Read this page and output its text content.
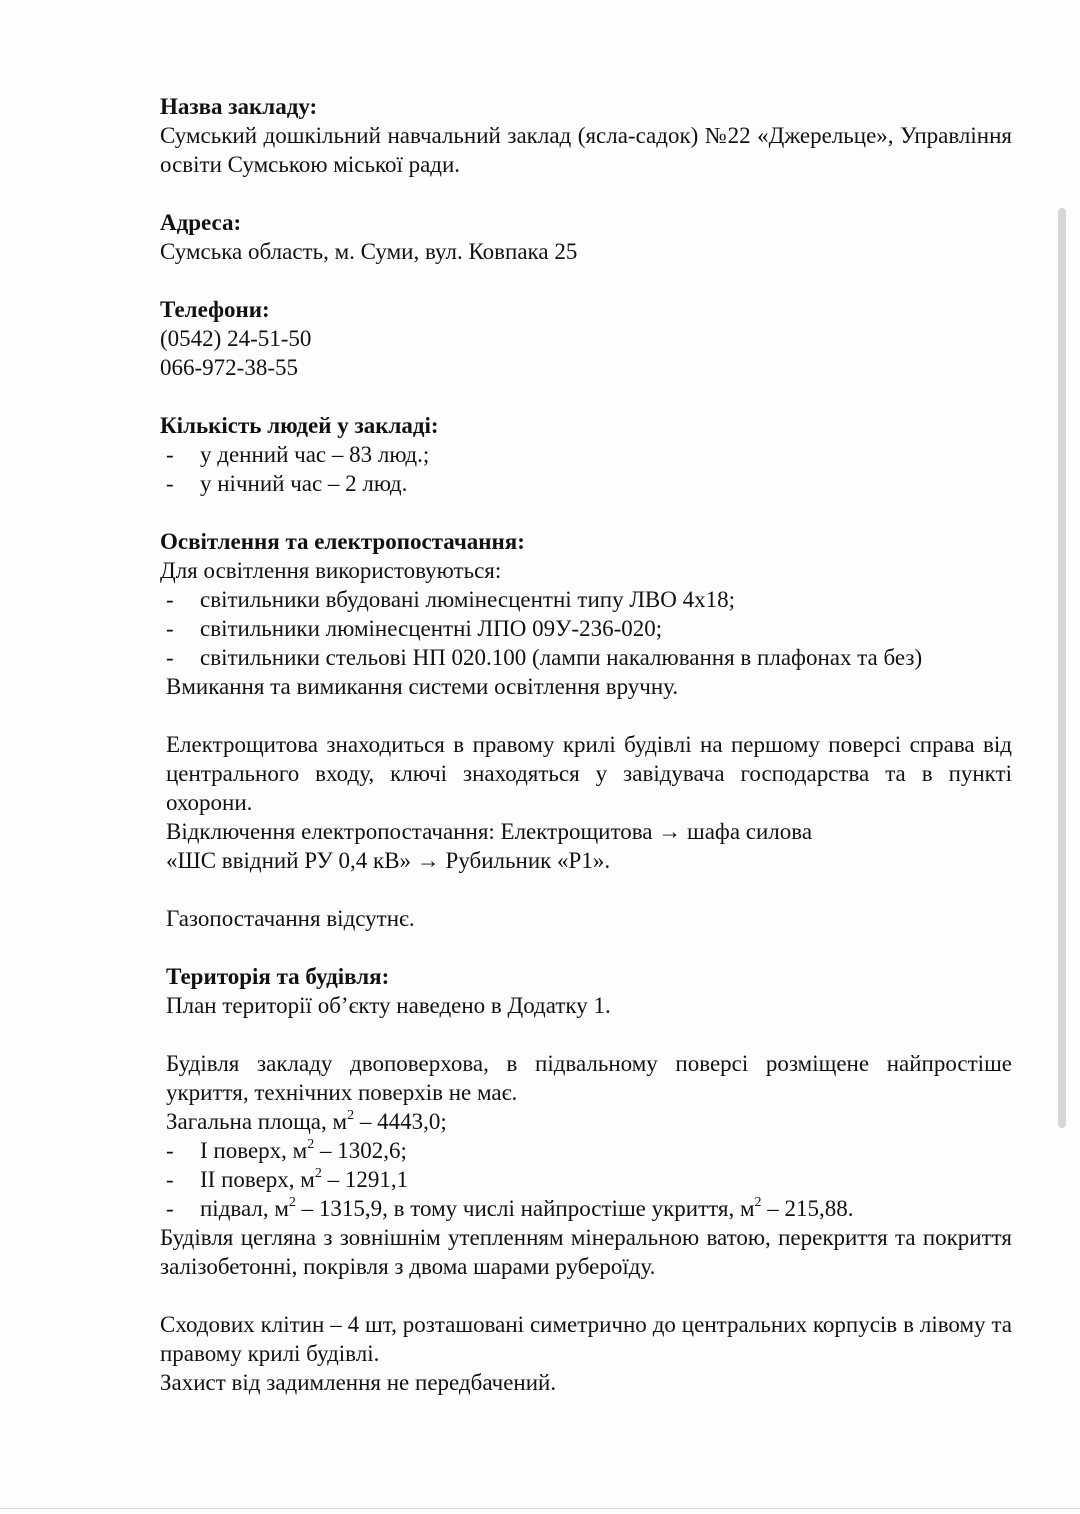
Назва закладу:

Сумський дошкільний навчальний заклад (ясла-садок) №22 «Джерельце», Управління освіти Сумською міської ради.

Адреса:

Сумська область, м. Суми, вул. Ковпака 25

Телефони:

(0542) 24-51-50

066-972-38-55

Кількість людей у закладі:

- у денний час – 83 люд.;

- у нічний час – 2 люд.

Освітлення та електропостачання:

Для освітлення використовуються:

- світильники вбудовані люмінесцентні типу ЛВО 4х18;

- світильники люмінесцентні ЛПО 09У-236-020;

- світильники стельові НП 020.100 (лампи накалювання в плафонах та без)

Вмикання та вимикання системи освітлення вручну.

Електрощитова знаходиться в правому крилі будівлі на першому поверсі справа від центрального входу, ключі знаходяться у завідувача господарства та в пункті охорони.

Відключення електропостачання: Електрощитова → шафа силова

«ШС ввідний РУ 0,4 кВ» → Рубильник «Р1».

Газопостачання відсутнє.

Територія та будівля:

План території об’єкту наведено в Додатку 1.

Будівля закладу двоповерхова, в підвальному поверсі розміщене найпростіше укриття, технічних поверхів не має.

Загальна площа, $м^2 - 4443,0$;

- І поверх, $м^2 - 1302,6$;

- ІІ поверх, $м^2 - 1291,1$

- підвал, $м^2 - 1315,9$, в тому числі найпростіше укриття, $м^2 - 215,88$.

Будівля цегляна з зовнішнім утепленням мінеральною ватою, перекриття та покриття залізобетонні, покрівля з двома шарами руберoїду.

Сходових клітин – 4 шт, розташовані симетрично до центральних корпусів в лівому та правому крилі будівлі.

Захист від задимлення не передбачений.
